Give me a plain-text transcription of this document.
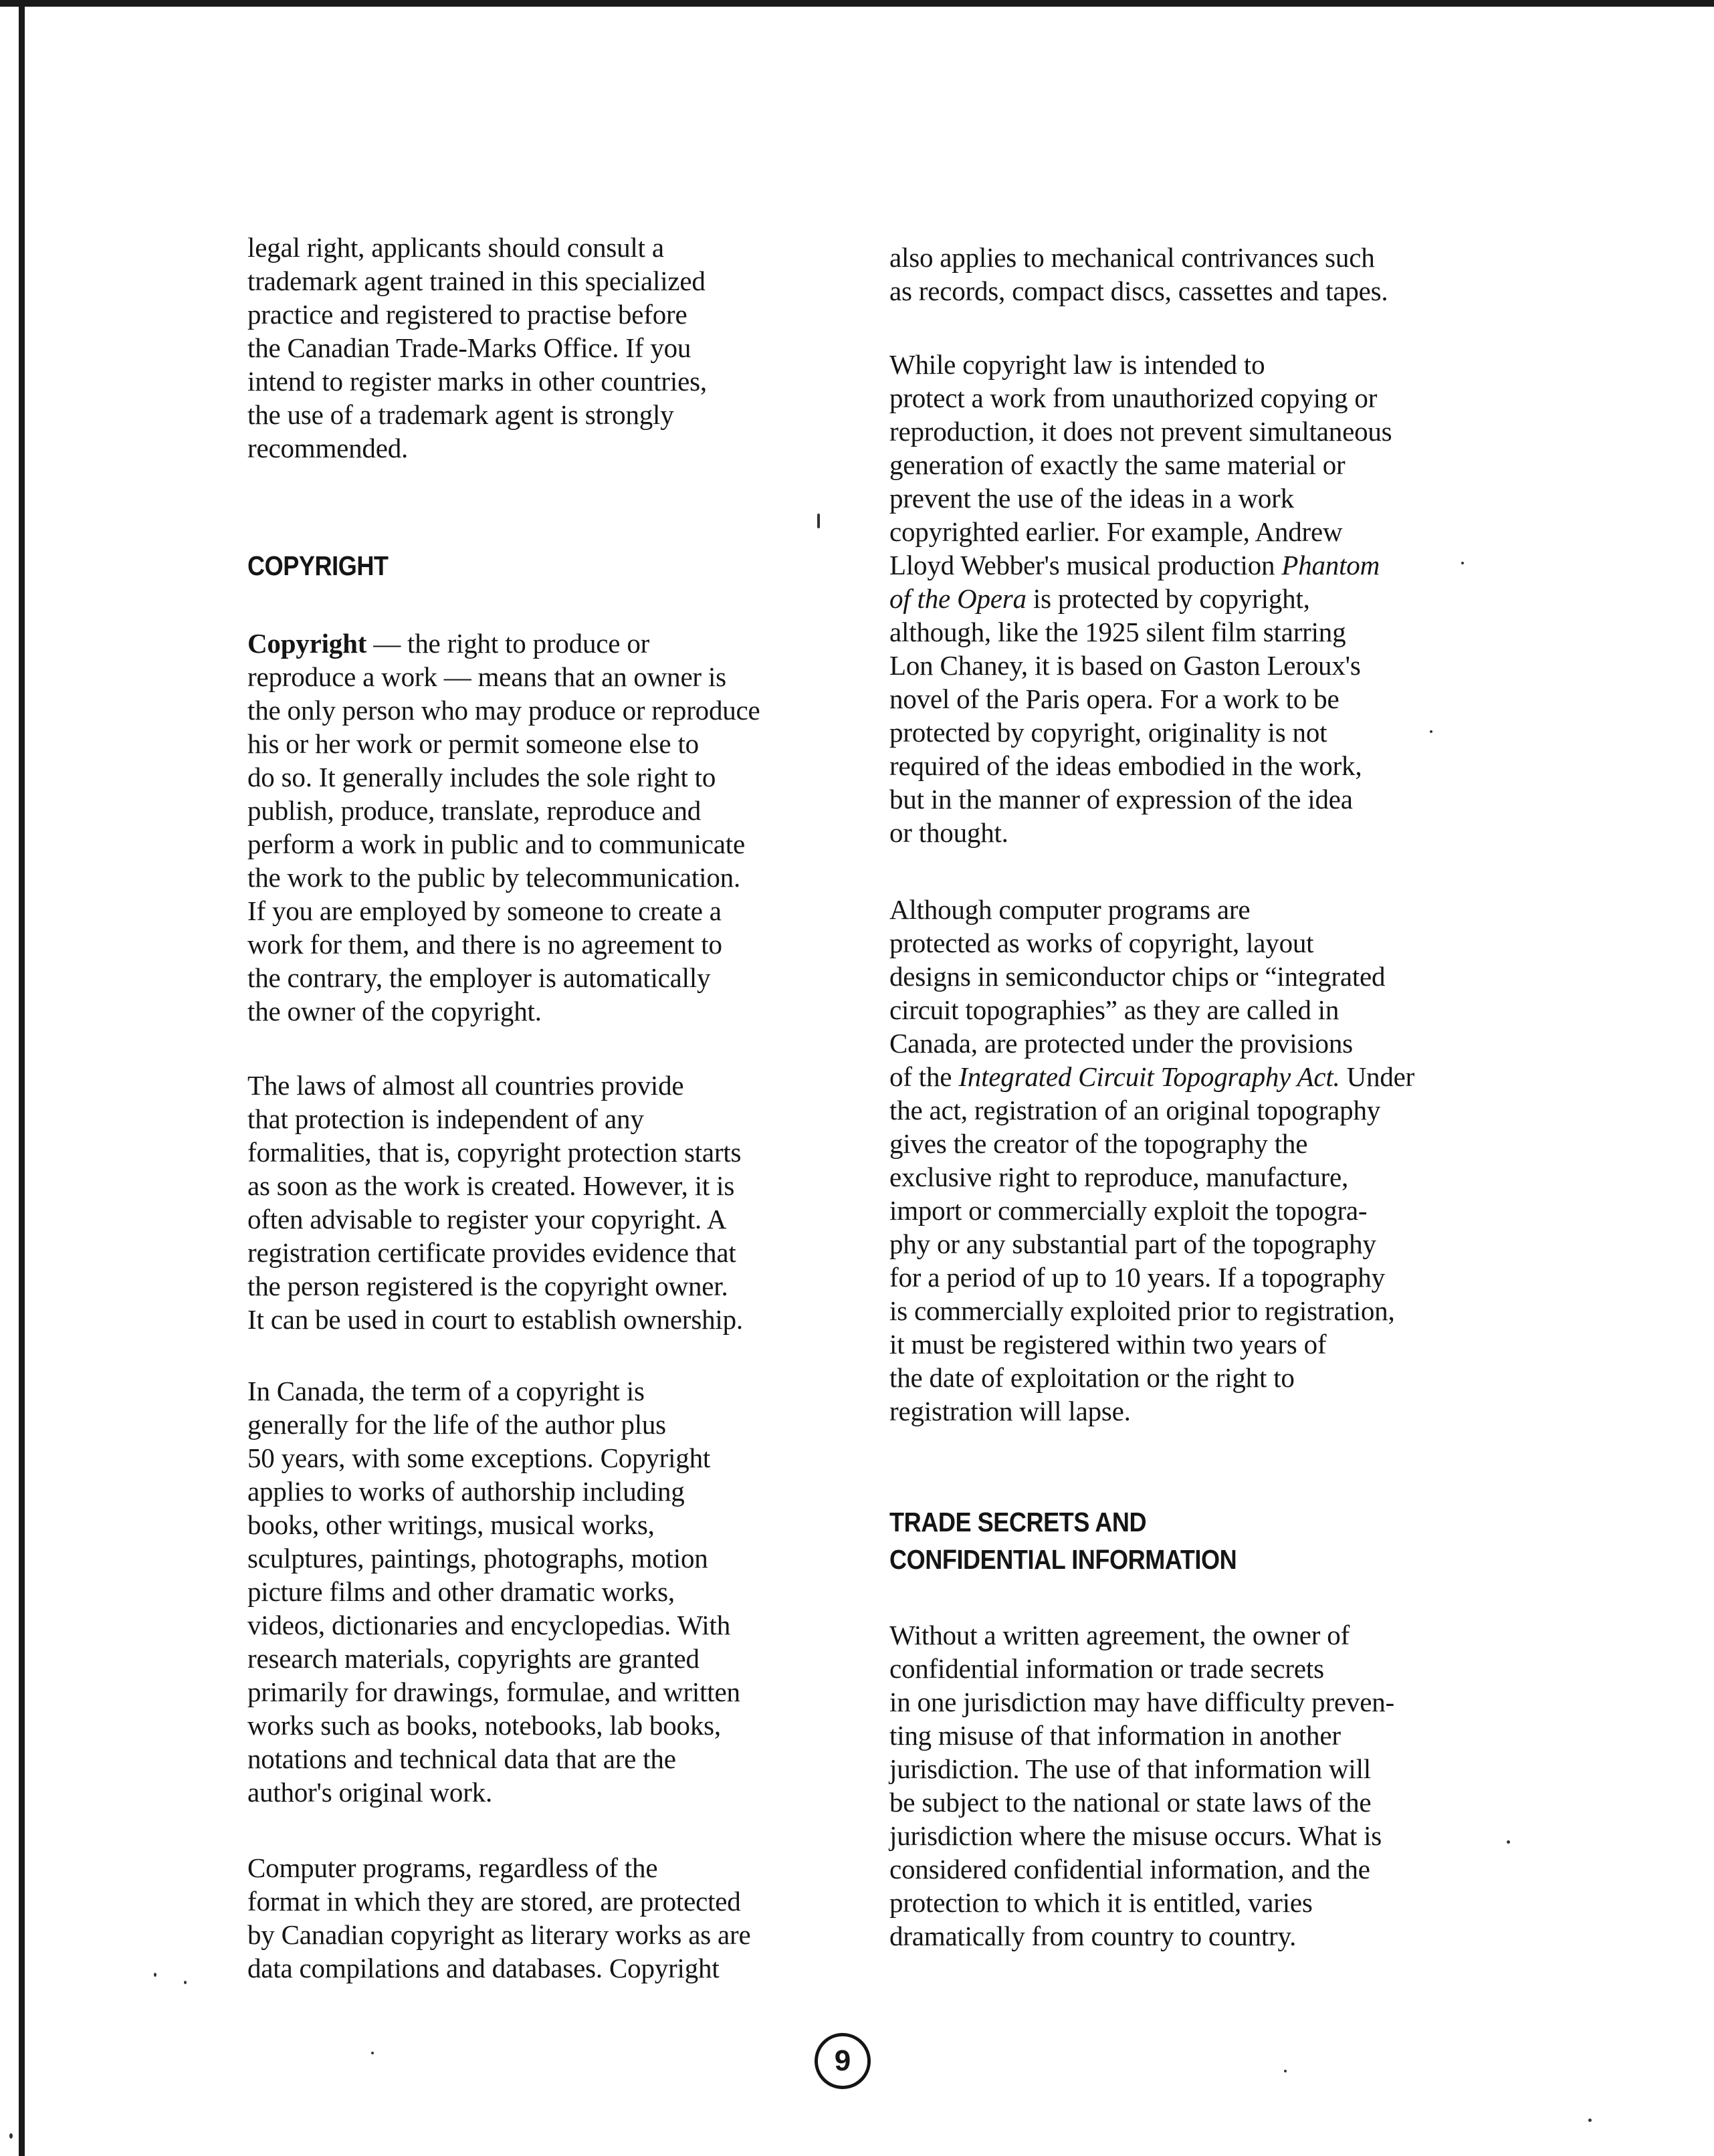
legal right, applicants should consult a
trademark agent trained in this specialized
practice and registered to practise before
the Canadian Trade-Marks Office. If you
intend to register marks in other countries,
the use of a trademark agent is strongly
recommended.

COPYRIGHT

Copyright — the right to produce or
reproduce a work — means that an owner is
the only person who may produce or reproduce
his or her work or permit someone else to
do so. It generally includes the sole right to
publish, produce, translate, reproduce and
perform a work in public and to communicate
the work to the public by telecommunication.
If you are employed by someone to create a
work for them, and there is no agreement to
the contrary, the employer is automatically
the owner of the copyright.

The laws of almost all countries provide
that protection is independent of any
formalities, that is, copyright protection starts
as soon as the work is created. However, it is
often advisable to register your copyright. A
registration certificate provides evidence that
the person registered is the copyright owner.
It can be used in court to establish ownership.

In Canada, the term of a copyright is
generally for the life of the author plus
50 years, with some exceptions. Copyright
applies to works of authorship including
books, other writings, musical works,
sculptures, paintings, photographs, motion
picture films and other dramatic works,
videos, dictionaries and encyclopedias. With
research materials, copyrights are granted
primarily for drawings, formulae, and written
works such as books, notebooks, lab books,
notations and technical data that are the
author's original work.

Computer programs, regardless of the
format in which they are stored, are protected
by Canadian copyright as literary works as are
data compilations and databases. Copyright

also applies to mechanical contrivances such
as records, compact discs, cassettes and tapes.

While copyright law is intended to
protect a work from unauthorized copying or
reproduction, it does not prevent simultaneous
generation of exactly the same material or
prevent the use of the ideas in a work
copyrighted earlier. For example, Andrew
Lloyd Webber's musical production Phantom
of the Opera is protected by copyright,
although, like the 1925 silent film starring
Lon Chaney, it is based on Gaston Leroux's
novel of the Paris opera. For a work to be
protected by copyright, originality is not
required of the ideas embodied in the work,
but in the manner of expression of the idea
or thought.

Although computer programs are
protected as works of copyright, layout
designs in semiconductor chips or “integrated
circuit topographies” as they are called in
Canada, are protected under the provisions
of the Integrated Circuit Topography Act. Under
the act, registration of an original topography
gives the creator of the topography the
exclusive right to reproduce, manufacture,
import or commercially exploit the topogra-
phy or any substantial part of the topography
for a period of up to 10 years. If a topography
is commercially exploited prior to registration,
it must be registered within two years of
the date of exploitation or the right to
registration will lapse.

TRADE SECRETS AND
CONFIDENTIAL INFORMATION

Without a written agreement, the owner of
confidential information or trade secrets
in one jurisdiction may have difficulty preven-
ting misuse of that information in another
jurisdiction. The use of that information will
be subject to the national or state laws of the
jurisdiction where the misuse occurs. What is
considered confidential information, and the
protection to which it is entitled, varies
dramatically from country to country.

9
